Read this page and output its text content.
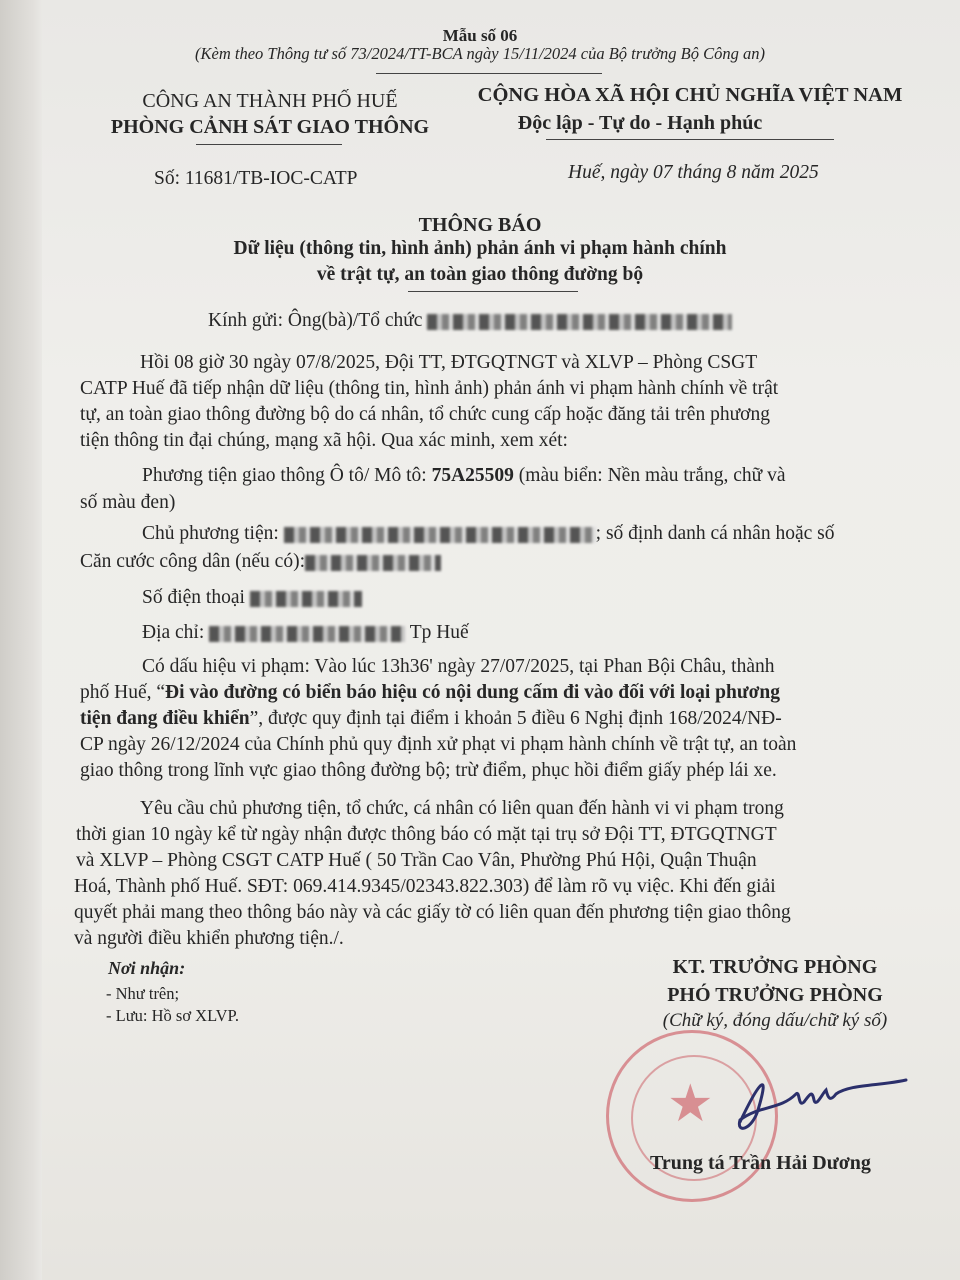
Mẫu số 06
(Kèm theo Thông tư số 73/2024/TT-BCA ngày 15/11/2024 của Bộ trưởng Bộ Công an)
CÔNG AN THÀNH PHỐ HUẾ
PHÒNG CẢNH SÁT GIAO THÔNG
CỘNG HÒA XÃ HỘI CHỦ NGHĨA VIỆT NAM
Độc lập - Tự do - Hạnh phúc
Số: 11681/TB-IOC-CATP	Huế, ngày 07 tháng 8 năm 2025
THÔNG BÁO
Dữ liệu (thông tin, hình ảnh) phản ánh vi phạm hành chính
về trật tự, an toàn giao thông đường bộ
Kính gửi: Ông(bà)/Tổ chức
Hồi 08 giờ 30 ngày 07/8/2025, Đội TT, ĐTGQTNGT và XLVP – Phòng CSGT
CATP Huế đã tiếp nhận dữ liệu (thông tin, hình ảnh) phản ánh vi phạm hành chính về trật
tự, an toàn giao thông đường bộ do cá nhân, tổ chức cung cấp hoặc đăng tải trên phương
tiện thông tin đại chúng, mạng xã hội. Qua xác minh, xem xét:
Phương tiện giao thông Ô tô/ Mô tô: 75A25509 (màu biển: Nền màu trắng, chữ và
số màu đen)
Chủ phương tiện:	; số định danh cá nhân hoặc số
Căn cước công dân (nếu có):
Số điện thoại
Địa chỉ:	Tp Huế
Có dấu hiệu vi phạm: Vào lúc 13h36' ngày 27/07/2025, tại Phan Bội Châu, thành
phố Huế, “Đi vào đường có biển báo hiệu có nội dung cấm đi vào đối với loại phương
tiện đang điều khiển”, được quy định tại điểm i khoản 5 điều 6 Nghị định 168/2024/NĐ-
CP ngày 26/12/2024 của Chính phủ quy định xử phạt vi phạm hành chính về trật tự, an toàn
giao thông trong lĩnh vực giao thông đường bộ; trừ điểm, phục hồi điểm giấy phép lái xe.
Yêu cầu chủ phương tiện, tổ chức, cá nhân có liên quan đến hành vi vi phạm trong
thời gian 10 ngày kể từ ngày nhận được thông báo có mặt tại trụ sở Đội TT, ĐTGQTNGT
và XLVP – Phòng CSGT CATP Huế ( 50 Trần Cao Vân, Phường Phú Hội, Quận Thuận
Hoá, Thành phố Huế. SĐT: 069.414.9345/02343.822.303) để làm rõ vụ việc. Khi đến giải
quyết phải mang theo thông báo này và các giấy tờ có liên quan đến phương tiện giao thông
và người điều khiển phương tiện./.
Nơi nhận:
- Như trên;
- Lưu: Hồ sơ XLVP.
KT. TRƯỞNG PHÒNG
PHÓ TRƯỞNG PHÒNG
(Chữ ký, đóng dấu/chữ ký số)
★
Trung tá Trần Hải Dương
